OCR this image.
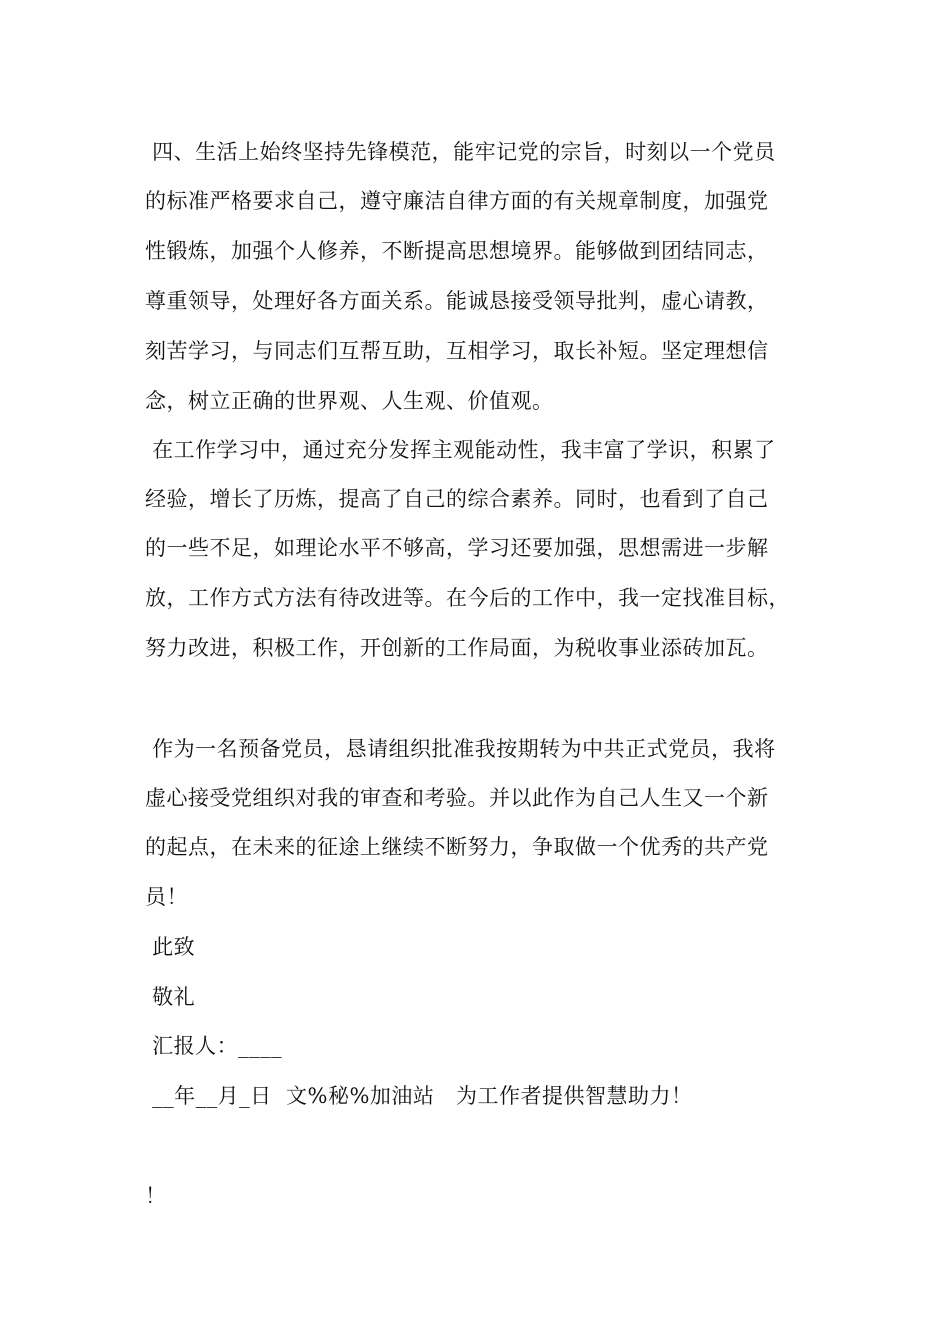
四、生活上始终坚持先锋模范，能牢记党的宗旨，时刻以一个党员
的标准严格要求自己，遵守廉洁自律方面的有关规章制度，加强党
性锻炼，加强个人修养，不断提高思想境界。能够做到团结同志，
尊重领导，处理好各方面关系。能诚恳接受领导批判，虚心请教，
刻苦学习，与同志们互帮互助，互相学习，取长补短。坚定理想信
念，树立正确的世界观、人生观、价值观。
在工作学习中，通过充分发挥主观能动性，我丰富了学识，积累了
经验，增长了历炼，提高了自己的综合素养。同时，也看到了自己
的一些不足，如理论水平不够高，学习还要加强，思想需进一步解
放，工作方式方法有待改进等。在今后的工作中，我一定找准目标，
努力改进，积极工作，开创新的工作局面，为税收事业添砖加瓦。
作为一名预备党员，恳请组织批准我按期转为中共正式党员，我将
虚心接受党组织对我的审查和考验。并以此作为自己人生又一个新
的起点，在未来的征途上继续不断努力，争取做一个优秀的共产党
员！
此致
敬礼
汇报人：____
__年__月_日  文%秘%加油站   为工作者提供智慧助力！
！
